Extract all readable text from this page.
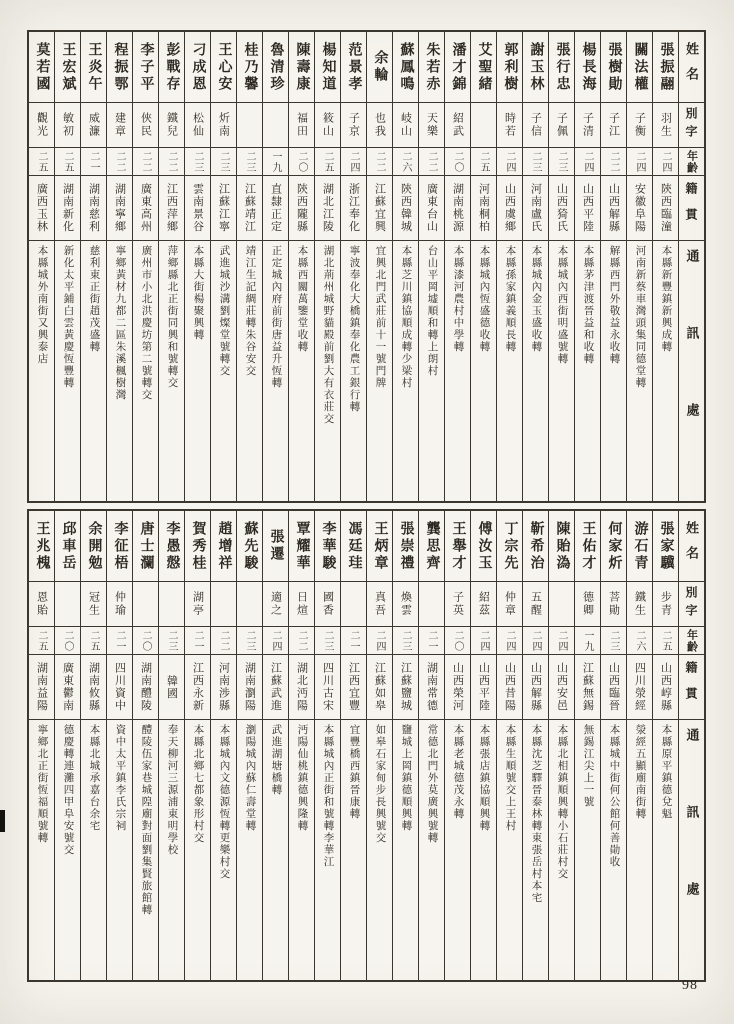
姓名
別字
年齡
籍貫
通訊處
張振翮
羽生
二四
陝西臨潼
本縣新豐鎮新興成轉
關法權
子衡
二四
安徽阜陽
河南新蔡車灣頭集同德堂轉
張樹勛
子江
二二
山西解縣
解縣西門外敬益永收轉
楊長海
子清
二四
山西平陸
本縣茅津渡晉益和收轉
張行忠
子佩
二三
山西猗氏
本縣城內西街明盛號轉
謝玉林
子信
二三
河南盧氏
本縣城內金玉盛收轉
郭利樹
時若
二四
山西虞鄉
本縣孫家鎮義順長轉
艾聖緒
二五
河南桐柏
本縣城內恆盛德收轉
潘才錦
紹武
二〇
湖南桃源
本縣漆河農村中學轉
朱若赤
天樂
二二
廣東台山
台山平岡墟順和轉上朗村
蘇鳳鳴
岐山
二六
陝西韓城
本縣芝川鎮協順成轉少梁村
余輪
也我
二二
江蘇宜興
宜興北門武莊前十一號門牌
范景孝
子京
二四
浙江奉化
寧波奉化大橋鎮奉化農工銀行轉
楊知道
筱山
二五
湖北江陵
湖北荊州城野貓殿前劉大有衣莊交
陳壽康
福田
二〇
陝西隴縣
本縣西關萬鑒堂收轉
魯清珍
一九
直隸正定
正定城內府前街唐益升恆轉
桂乃馨
二三
江蘇靖江
靖江生記綢莊轉朱谷安交
王心安
炘南
二三
江蘇江寧
武進城沙溝劉燦堂號轉交
刁成恩
松仙
二三
雲南景谷
本縣大街楊聚興轉
彭戰存
鐵兒
二二
江西萍鄉
萍鄉縣北正街同興和號轉交
李子平
俠民
二二
廣東高州
廣州市小北洪慶坊第二號轉交
程振鄂
建章
二二
湖南寧鄉
寧鄉黃材九都二區朱溪楓樹灣
王炎午
威濂
二一
湖南慈利
慈利東正街趙茂盛轉
王宏斌
敏初
二五
湖南新化
新化太平鋪白雲黃慶恆豐轉
莫若國
觀光
二五
廣西玉林
本縣城外南街又興泰店
姓名
別字
年齡
籍貫
通訊處
張家驥
步青
二五
山西崞縣
本縣原平鎮德兌魁
游石青
鐵生
二六
四川滎經
滎經五顯廟南街轉
何家炘
菩勛
二三
山西臨晉
本縣城中街何公館何善勛收
王佑才
德卿
一九
江蘇無錫
無錫江尖上一號
陳貽溈
二四
山西安邑
本縣北相鎮順興轉小石莊村交
靳希治
五醒
二四
山西解縣
本縣沈芝驛晉泰林轉東張岳村本宅
丁宗先
仲章
二四
山西昔陽
本縣生順號交上王村
傅汝玉
紹茲
二四
山西平陸
本縣張店鎮協順興轉
王舉才
子英
二〇
山西榮河
本縣老城德茂永轉
龔思齊
二一
湖南常德
常德北門外莫廣興號轉
張崇禮
煥雲
二三
江蘇鹽城
鹽城上岡鎮德順興轉
王炳章
真吾
二四
江蘇如皋
如皋石家甸步長興號交
馮廷珪
二一
江西宜豐
宜豐橋西鎮晉康轉
李華駿
國香
二三
四川古宋
本縣城內正街和號轉李華江
覃耀華
日煊
二二
湖北沔陽
沔陽仙桃鎮德興隆轉
張遷
適之
二四
江蘇武進
武進湖塘橋轉
蘇先駿
二三
湖南瀏陽
瀏陽城內蘇仁壽堂轉
趙增祥
二二
河南涉縣
本縣城內文德源恆轉更樂村交
賀秀桂
湖亭
二一
江西永新
本縣北鄉七都象形村交
李愚慤
二三
韓國
奉天柳河三源浦東明學校
唐士瀾
二〇
湖南醴陵
醴陵伍家巷城隍廟對面劉集賢旅館轉
李征梧
仲瑜
二一
四川資中
資中太平鎮李氏宗祠
余開勉
冠生
二五
湖南攸縣
本縣北城承嘉台余宅
邱車岳
二〇
廣東鬱南
德慶轉連灘四甲阜安號交
王兆槐
恩貽
二五
湖南益陽
寧鄉北正街恆福順號轉
98
